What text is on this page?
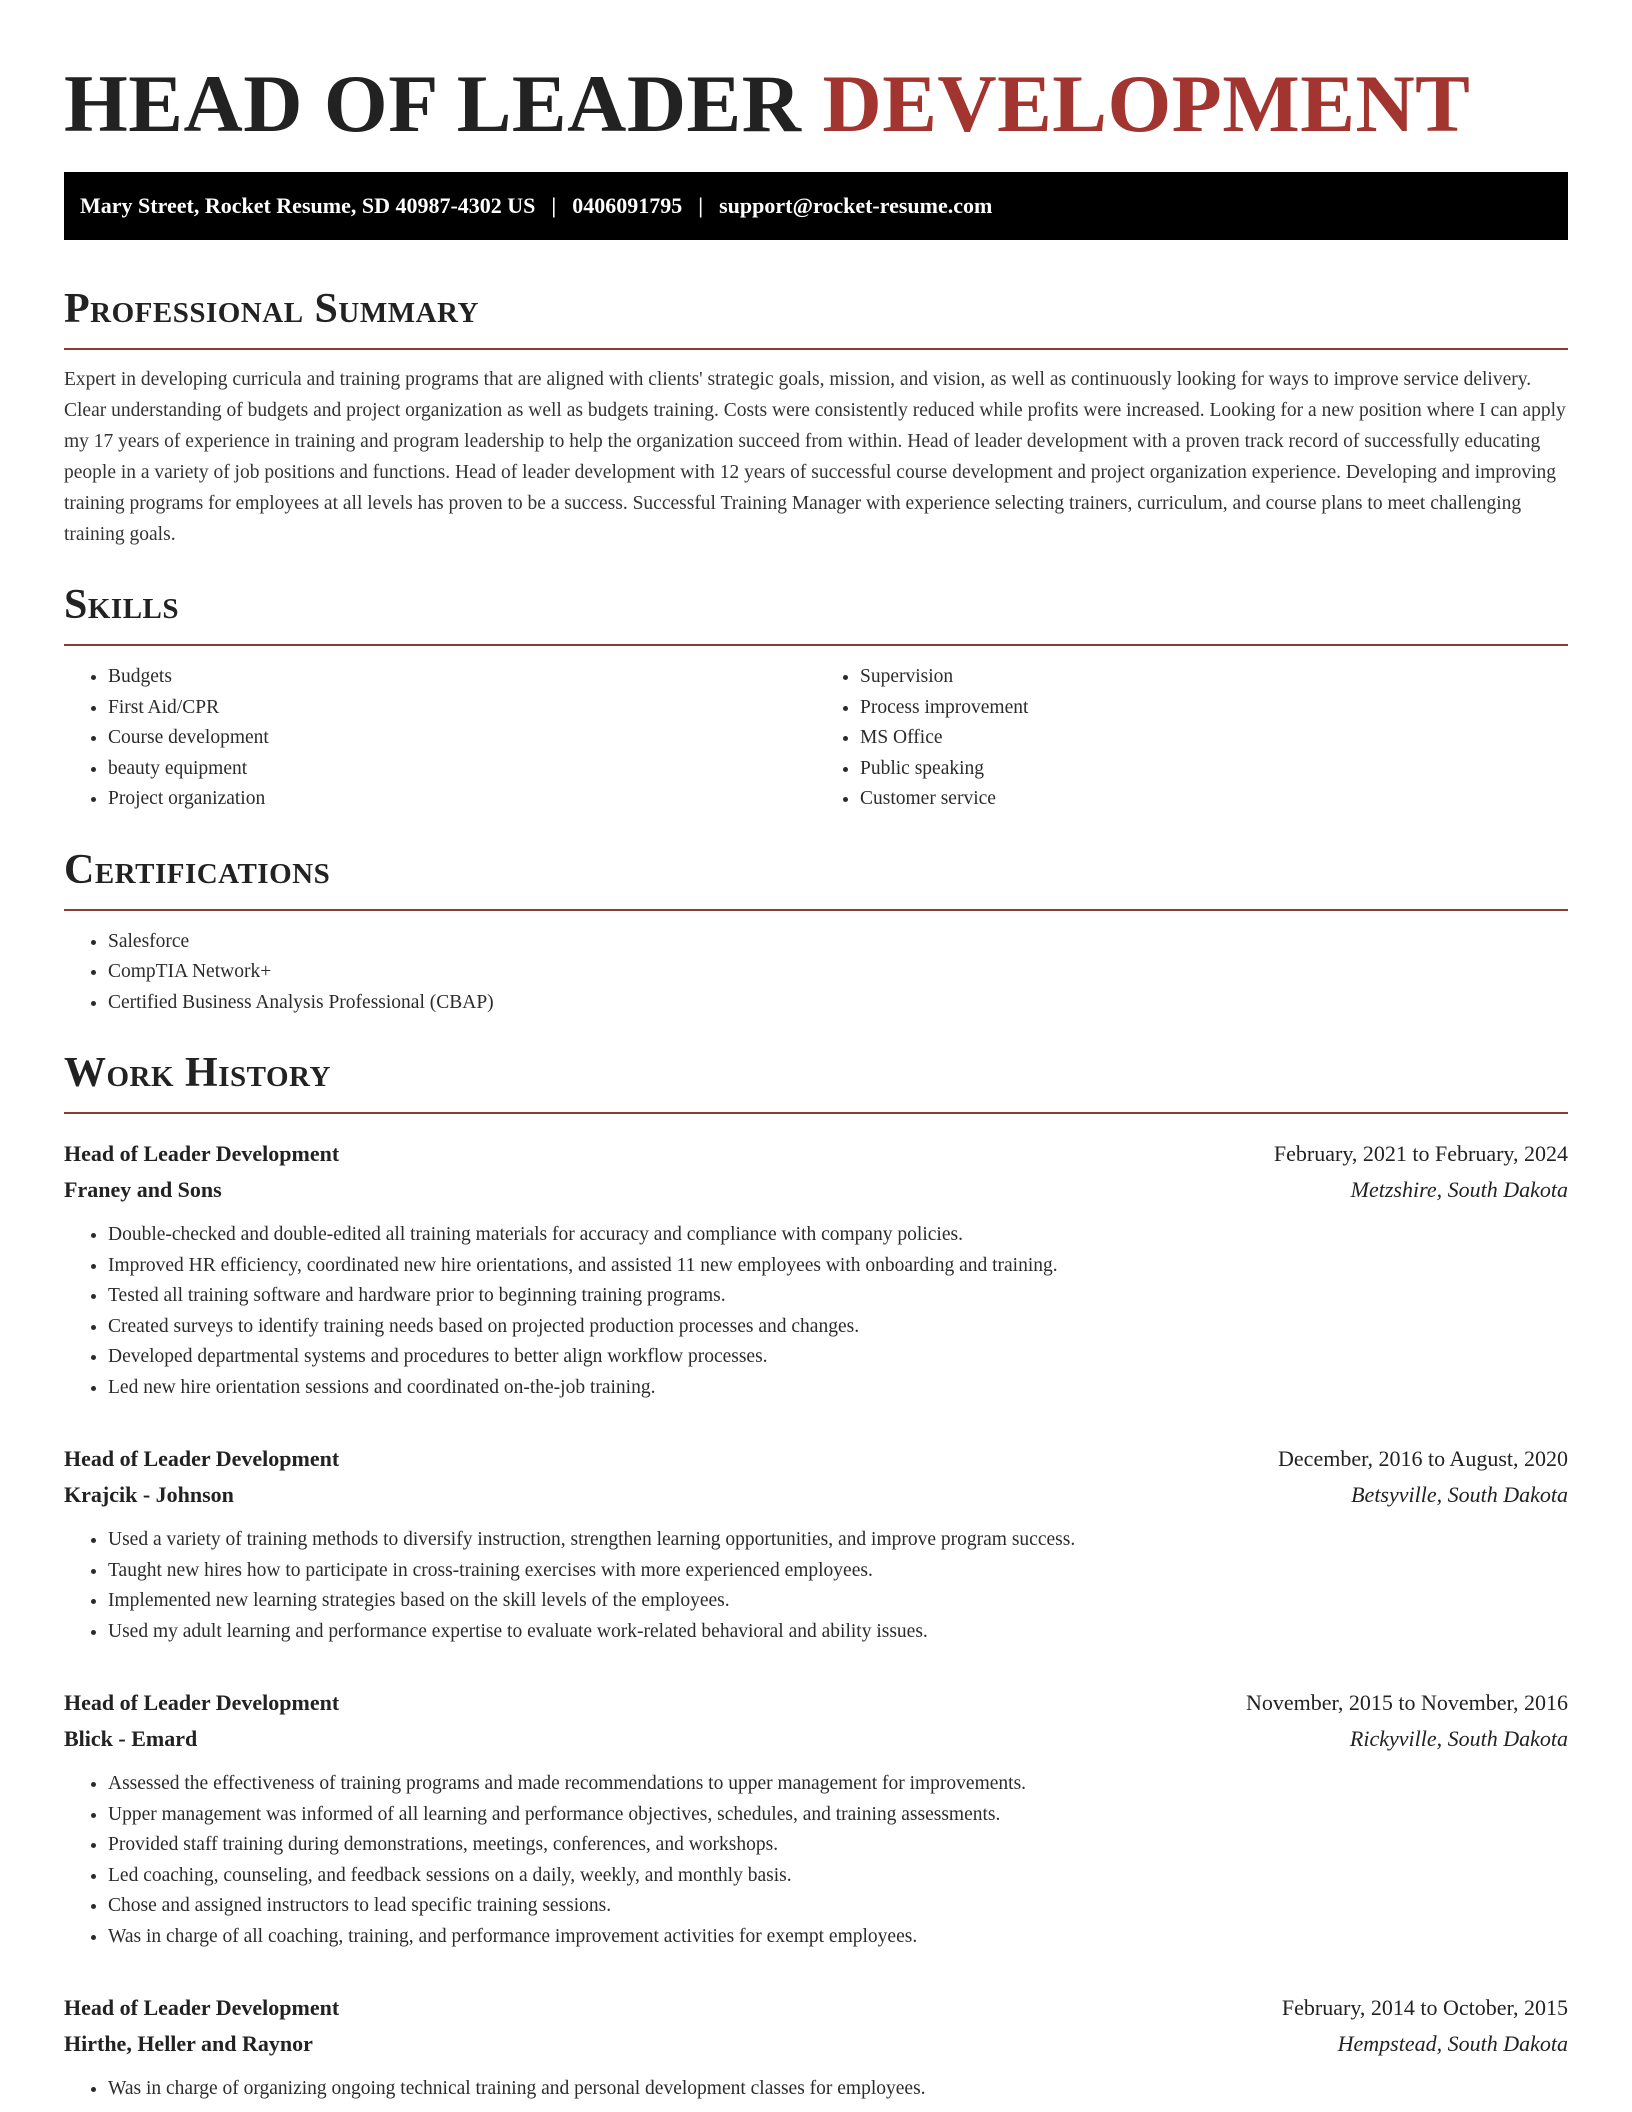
HEAD OF LEADER DEVELOPMENT
Mary Street, Rocket Resume, SD 40987-4302 US | 0406091795 | support@rocket-resume.com
Professional Summary

Expert in developing curricula and training programs that are aligned with clients' strategic goals, mission, and vision, as well as continuously looking for ways to improve service delivery. Clear understanding of budgets and project organization as well as budgets training. Costs were consistently reduced while profits were increased. Looking for a new position where I can apply my 17 years of experience in training and program leadership to help the organization succeed from within. Head of leader development with a proven track record of successfully educating people in a variety of job positions and functions. Head of leader development with 12 years of successful course development and project organization experience. Developing and improving training programs for employees at all levels has proven to be a success. Successful Training Manager with experience selecting trainers, curriculum, and course plans to meet challenging training goals.

Skills
• Budgets
• First Aid/CPR
• Course development
• beauty equipment
• Project organization
• Supervision
• Process improvement
• MS Office
• Public speaking
• Customer service
Certifications
• Salesforce
• CompTIA Network+
• Certified Business Analysis Professional (CBAP)
Work History
Head of Leader Development	February, 2021 to February, 2024
Franey and Sons	Metzshire, South Dakota
• Double-checked and double-edited all training materials for accuracy and compliance with company policies.
• Improved HR efficiency, coordinated new hire orientations, and assisted 11 new employees with onboarding and training.
• Tested all training software and hardware prior to beginning training programs.
• Created surveys to identify training needs based on projected production processes and changes.
• Developed departmental systems and procedures to better align workflow processes.
• Led new hire orientation sessions and coordinated on-the-job training.
Head of Leader Development	December, 2016 to August, 2020
Krajcik - Johnson	Betsyville, South Dakota
• Used a variety of training methods to diversify instruction, strengthen learning opportunities, and improve program success.
• Taught new hires how to participate in cross-training exercises with more experienced employees.
• Implemented new learning strategies based on the skill levels of the employees.
• Used my adult learning and performance expertise to evaluate work-related behavioral and ability issues.
Head of Leader Development	November, 2015 to November, 2016
Blick - Emard	Rickyville, South Dakota
• Assessed the effectiveness of training programs and made recommendations to upper management for improvements.
• Upper management was informed of all learning and performance objectives, schedules, and training assessments.
• Provided staff training during demonstrations, meetings, conferences, and workshops.
• Led coaching, counseling, and feedback sessions on a daily, weekly, and monthly basis.
• Chose and assigned instructors to lead specific training sessions.
• Was in charge of all coaching, training, and performance improvement activities for exempt employees.
Head of Leader Development	February, 2014 to October, 2015
Hirthe, Heller and Raynor	Hempstead, South Dakota
• Was in charge of organizing ongoing technical training and personal development classes for employees.
